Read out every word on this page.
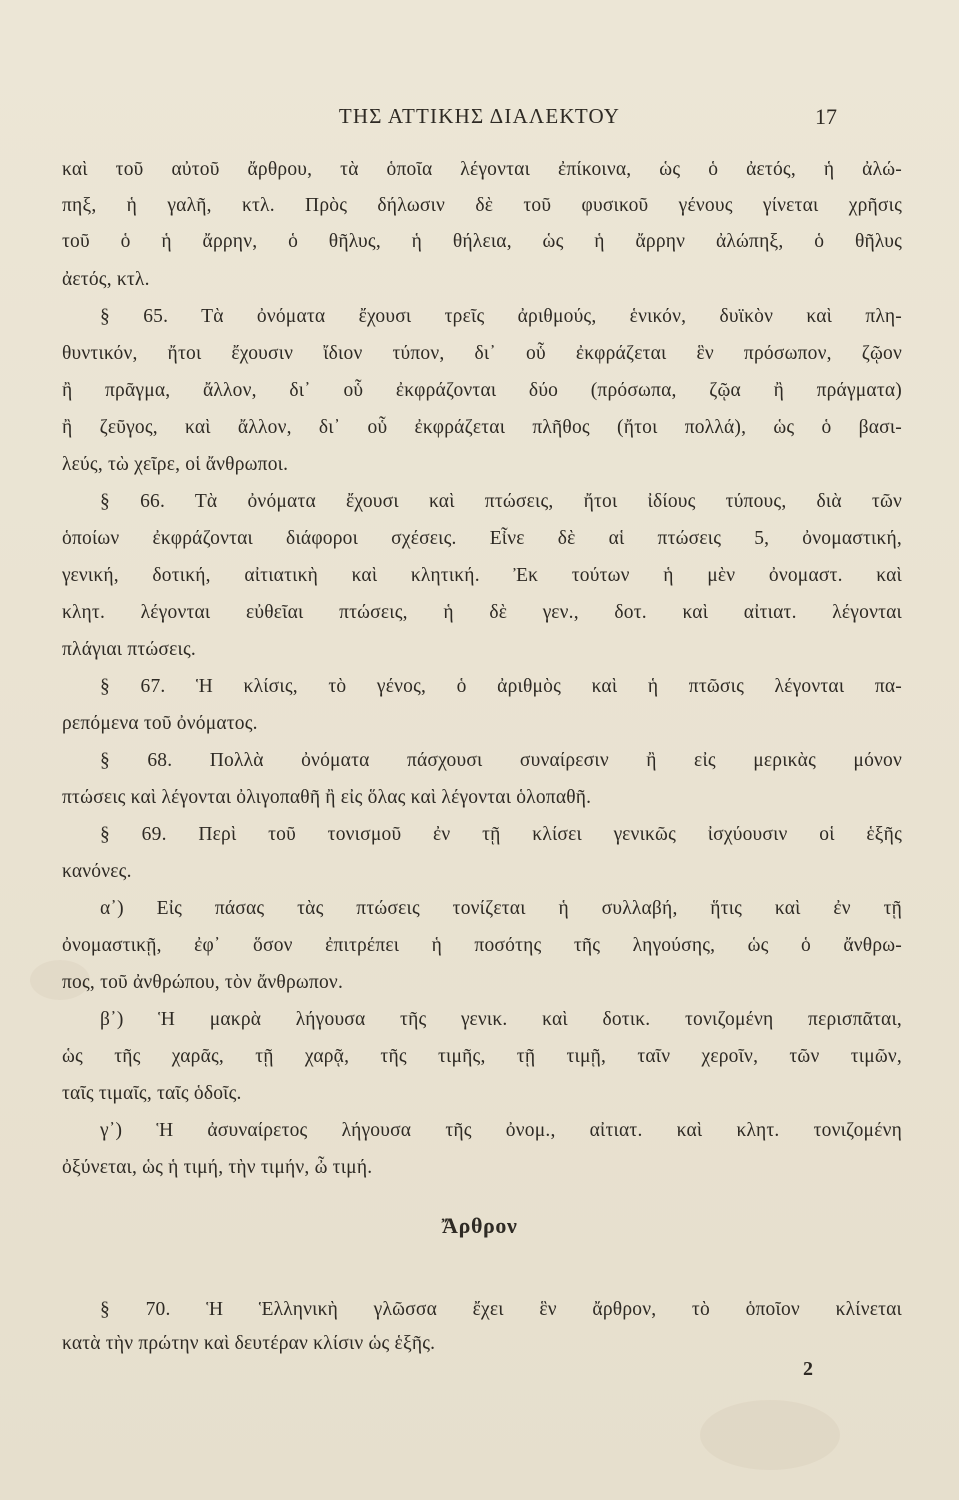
ΤΗΣ ΑΤΤΙΚΗΣ ΔΙΑΛΕΚΤΟΥ	17
καὶ τοῦ αὐτοῦ ἄρθρου, τὰ ὁποῖα λέγονται ἐπίκοινα, ὡς ὁ ἀετός, ἡ ἀλώ-
πηξ, ἡ γαλῆ, κτλ. Πρὸς δήλωσιν δὲ τοῦ φυσικοῦ γένους γίνεται χρῆσις
τοῦ ὁ ἡ ἄρρην, ὁ θῆλυς, ἡ θήλεια, ὡς ἡ ἄρρην ἀλώπηξ, ὁ θῆλυς
ἀετός, κτλ.
§ 65. Τὰ ὀνόματα ἔχουσι τρεῖς ἀριθμούς, ἑνικόν, δυϊκὸν καὶ πλη-
θυντικόν, ἤτοι ἔχουσιν ἴδιον τύπον, δι᾽ οὗ ἐκφράζεται ἓν πρόσωπον, ζῷον
ἢ πρᾶγμα, ἄλλον, δι᾽ οὗ ἐκφράζονται δύο (πρόσωπα, ζῷα ἢ πράγματα)
ἢ ζεῦγος, καὶ ἄλλον, δι᾽ οὗ ἐκφράζεται πλῆθος (ἤτοι πολλά), ὡς ὁ βασι-
λεύς, τὼ χεῖρε, οἱ ἄνθρωποι.
§ 66. Τὰ ὀνόματα ἔχουσι καὶ πτώσεις, ἤτοι ἰδίους τύπους, διὰ τῶν
ὁποίων ἐκφράζονται διάφοροι σχέσεις. Εἶνε δὲ αἱ πτώσεις 5, ὀνομαστική,
γενική, δοτική, αἰτιατικὴ καὶ κλητική. Ἐκ τούτων ἡ μὲν ὀνομαστ. καὶ
κλητ. λέγονται εὐθεῖαι πτώσεις, ἡ δὲ γεν., δοτ. καὶ αἰτιατ. λέγονται
πλάγιαι πτώσεις.
§ 67. Ἡ κλίσις, τὸ γένος, ὁ ἀριθμὸς καὶ ἡ πτῶσις λέγονται πα-
ρεπόμενα τοῦ ὀνόματος.
§ 68. Πολλὰ ὀνόματα πάσχουσι συναίρεσιν ἢ εἰς μερικὰς μόνον
πτώσεις καὶ λέγονται ὀλιγοπαθῆ ἢ εἰς ὅλας καὶ λέγονται ὁλοπαθῆ.
§ 69. Περὶ τοῦ τονισμοῦ ἐν τῇ κλίσει γενικῶς ἰσχύουσιν οἱ ἑξῆς
κανόνες.
α᾽) Εἰς πάσας τὰς πτώσεις τονίζεται ἡ συλλαβή, ἥτις καὶ ἐν τῇ
ὀνομαστικῇ, ἐφ᾽ ὅσον ἐπιτρέπει ἡ ποσότης τῆς ληγούσης, ὡς ὁ ἄνθρω-
πος, τοῦ ἀνθρώπου, τὸν ἄνθρωπον.
β᾽) Ἡ μακρὰ λήγουσα τῆς γενικ. καὶ δοτικ. τονιζομένη περισπᾶται,
ὡς τῆς χαρᾶς, τῇ χαρᾷ, τῆς τιμῆς, τῇ τιμῇ, ταῖν χεροῖν, τῶν τιμῶν,
ταῖς τιμαῖς, ταῖς ὁδοῖς.
γ᾽) Ἡ ἀσυναίρετος λήγουσα τῆς ὀνομ., αἰτιατ. καὶ κλητ. τονιζομένη
ὀξύνεται, ὡς ἡ τιμή, τὴν τιμήν, ὦ τιμή.
Ἄρθρον
§ 70. Ἡ Ἑλληνικὴ γλῶσσα ἔχει ἓν ἄρθρον, τὸ ὁποῖον κλίνεται
κατὰ τὴν πρώτην καὶ δευτέραν κλίσιν ὡς ἑξῆς.
2
